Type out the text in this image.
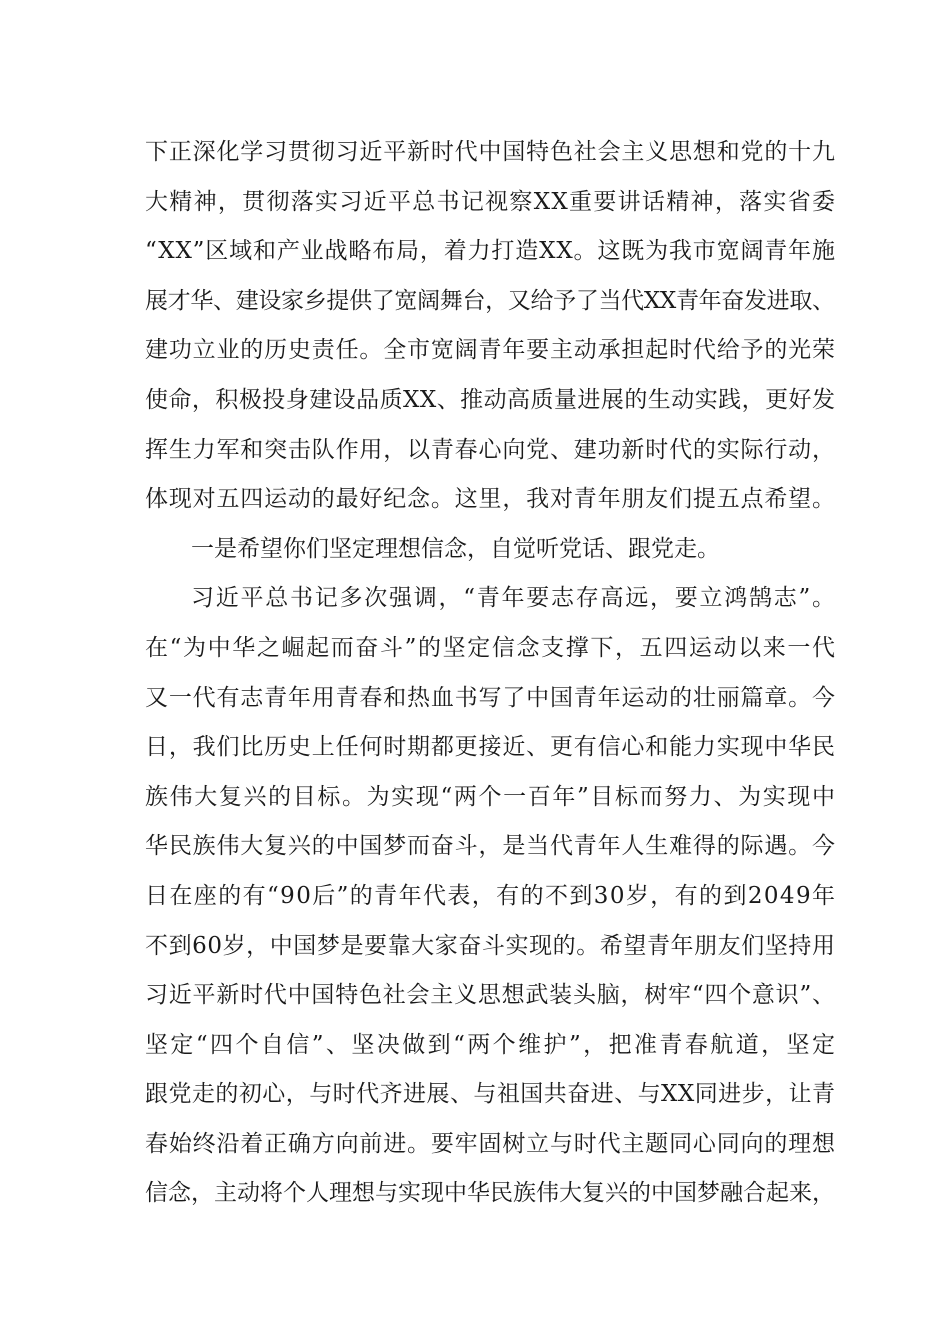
下正深化学习贯彻习近平新时代中国特色社会主义思想和党的十九
大精神，贯彻落实习近平总书记视察XX重要讲话精神，落实省委
“XX”区域和产业战略布局，着力打造XX。这既为我市宽阔青年施
展才华、建设家乡提供了宽阔舞台，又给予了当代XX青年奋发进取、
建功立业的历史责任。全市宽阔青年要主动承担起时代给予的光荣
使命，积极投身建设品质XX、推动高质量进展的生动实践，更好发
挥生力军和突击队作用，以青春心向党、建功新时代的实际行动，
体现对五四运动的最好纪念。这里，我对青年朋友们提五点希望。
一是希望你们坚定理想信念，自觉听党话、跟党走。
习近平总书记多次强调，“青年要志存高远，要立鸿鹄志”。
在“为中华之崛起而奋斗”的坚定信念支撑下，五四运动以来一代
又一代有志青年用青春和热血书写了中国青年运动的壮丽篇章。今
日，我们比历史上任何时期都更接近、更有信心和能力实现中华民
族伟大复兴的目标。为实现“两个一百年”目标而努力、为实现中
华民族伟大复兴的中国梦而奋斗，是当代青年人生难得的际遇。今
日在座的有“90后”的青年代表，有的不到30岁，有的到2049年
不到60岁，中国梦是要靠大家奋斗实现的。希望青年朋友们坚持用
习近平新时代中国特色社会主义思想武装头脑，树牢“四个意识”、
坚定“四个自信”、坚决做到“两个维护”，把准青春航道，坚定
跟党走的初心，与时代齐进展、与祖国共奋进、与XX同进步，让青
春始终沿着正确方向前进。要牢固树立与时代主题同心同向的理想
信念，主动将个人理想与实现中华民族伟大复兴的中国梦融合起来，
